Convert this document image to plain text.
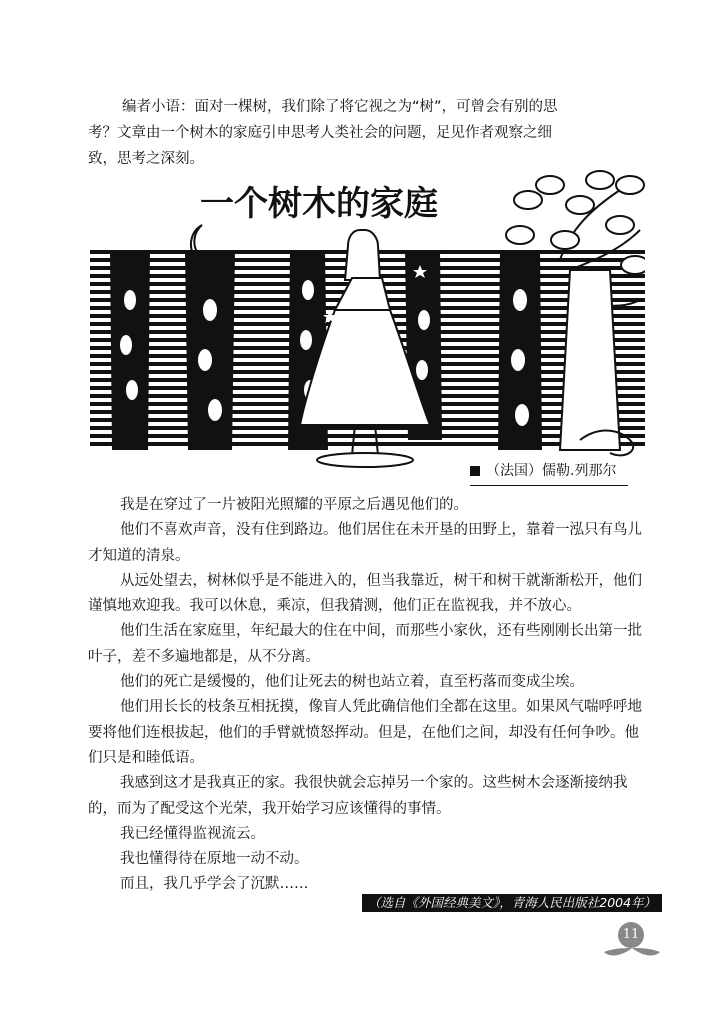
编者小语：面对一棵树，我们除了将它视之为“树”，可曾会有别的思考？文章由一个树木的家庭引申思考人类社会的问题，足见作者观察之细致，思考之深刻。
一个树木的家庭
（法国）儒勒.列那尔

我是在穿过了一片被阳光照耀的平原之后遇见他们的。

他们不喜欢声音，没有住到路边。他们居住在未开垦的田野上，靠着一泓只有鸟儿才知道的清泉。

从远处望去，树林似乎是不能进入的，但当我靠近，树干和树干就渐渐松开，他们谨慎地欢迎我。我可以休息，乘凉，但我猜测，他们正在监视我，并不放心。

他们生活在家庭里，年纪最大的住在中间，而那些小家伙，还有些刚刚长出第一批叶子，差不多遍地都是，从不分离。

他们的死亡是缓慢的，他们让死去的树也站立着，直至朽落而变成尘埃。

他们用长长的枝条互相抚摸，像盲人凭此确信他们全都在这里。如果风气喘呼呼地要将他们连根拔起，他们的手臂就愤怒挥动。但是，在他们之间，却没有任何争吵。他们只是和睦低语。

我感到这才是我真正的家。我很快就会忘掉另一个家的。这些树木会逐渐接纳我的，而为了配受这个光荣，我开始学习应该懂得的事情。

我已经懂得监视流云。

我也懂得待在原地一动不动。

而且，我几乎学会了沉默……

（选自《外国经典美文》，青海人民出版社2004年）
11
